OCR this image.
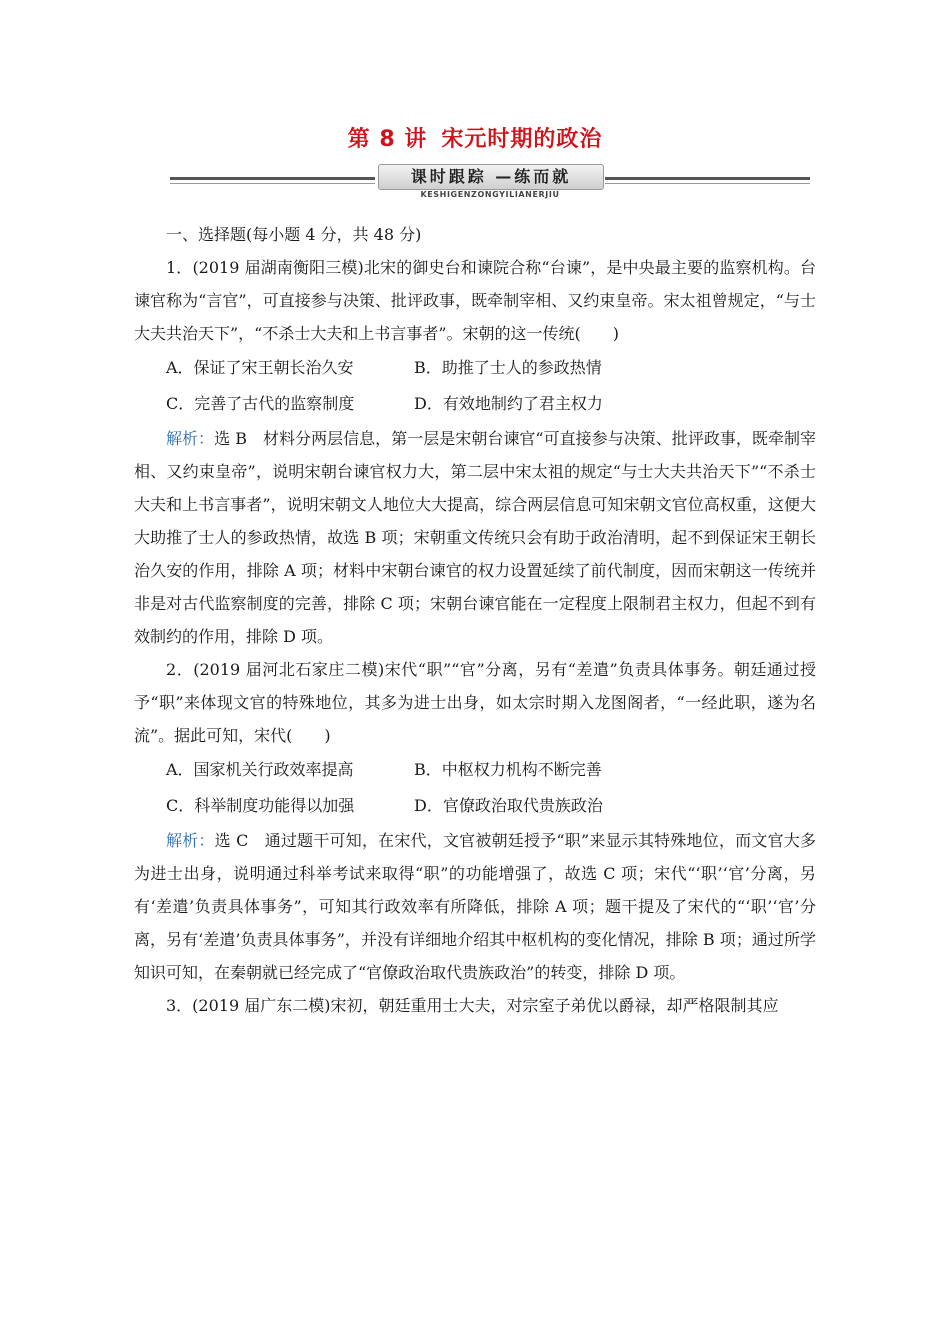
第 8 讲 宋元时期的政治
课时跟踪 —练而就
KESHIGENZONGYILIANERJIU

一、选择题(每小题 4 分，共 48 分)

1．(2019 届湖南衡阳三模)北宋的御史台和谏院合称“台谏”，是中央最主要的监察机构。台谏官称为“言官”，可直接参与决策、批评政事，既牵制宰相、又约束皇帝。宋太祖曾规定，“与士大夫共治天下”，“不杀士大夫和上书言事者”。宋朝的这一传统(　　)

A．保证了宋王朝长治久安	B．助推了士人的参政热情
C．完善了古代的监察制度	D．有效地制约了君主权力

解析：选 B　材料分两层信息，第一层是宋朝台谏官“可直接参与决策、批评政事，既牵制宰相、又约束皇帝”，说明宋朝台谏官权力大，第二层中宋太祖的规定“与士大夫共治天下”“不杀士大夫和上书言事者”，说明宋朝文人地位大大提高，综合两层信息可知宋朝文官位高权重，这便大大助推了士人的参政热情，故选 B 项；宋朝重文传统只会有助于政治清明，起不到保证宋王朝长治久安的作用，排除 A 项；材料中宋朝台谏官的权力设置延续了前代制度，因而宋朝这一传统并非是对古代监察制度的完善，排除 C 项；宋朝台谏官能在一定程度上限制君主权力，但起不到有效制约的作用，排除 D 项。

2．(2019 届河北石家庄二模)宋代“职”“官”分离，另有“差遣”负责具体事务。朝廷通过授予“职”来体现文官的特殊地位，其多为进士出身，如太宗时期入龙图阁者，“一经此职，遂为名流”。据此可知，宋代(　　)

A．国家机关行政效率提高	B．中枢权力机构不断完善
C．科举制度功能得以加强	D．官僚政治取代贵族政治

解析：选 C　通过题干可知，在宋代，文官被朝廷授予“职”来显示其特殊地位，而文官大多为进士出身，说明通过科举考试来取得“职”的功能增强了，故选 C 项；宋代“‘职’‘官’分离，另有‘差遣’负责具体事务”，可知其行政效率有所降低，排除 A 项；题干提及了宋代的“‘职’‘官’分离，另有‘差遣’负责具体事务”，并没有详细地介绍其中枢机构的变化情况，排除 B 项；通过所学知识可知，在秦朝就已经完成了“官僚政治取代贵族政治”的转变，排除 D 项。

3．(2019 届广东二模)宋初，朝廷重用士大夫，对宗室子弟优以爵禄，却严格限制其应
